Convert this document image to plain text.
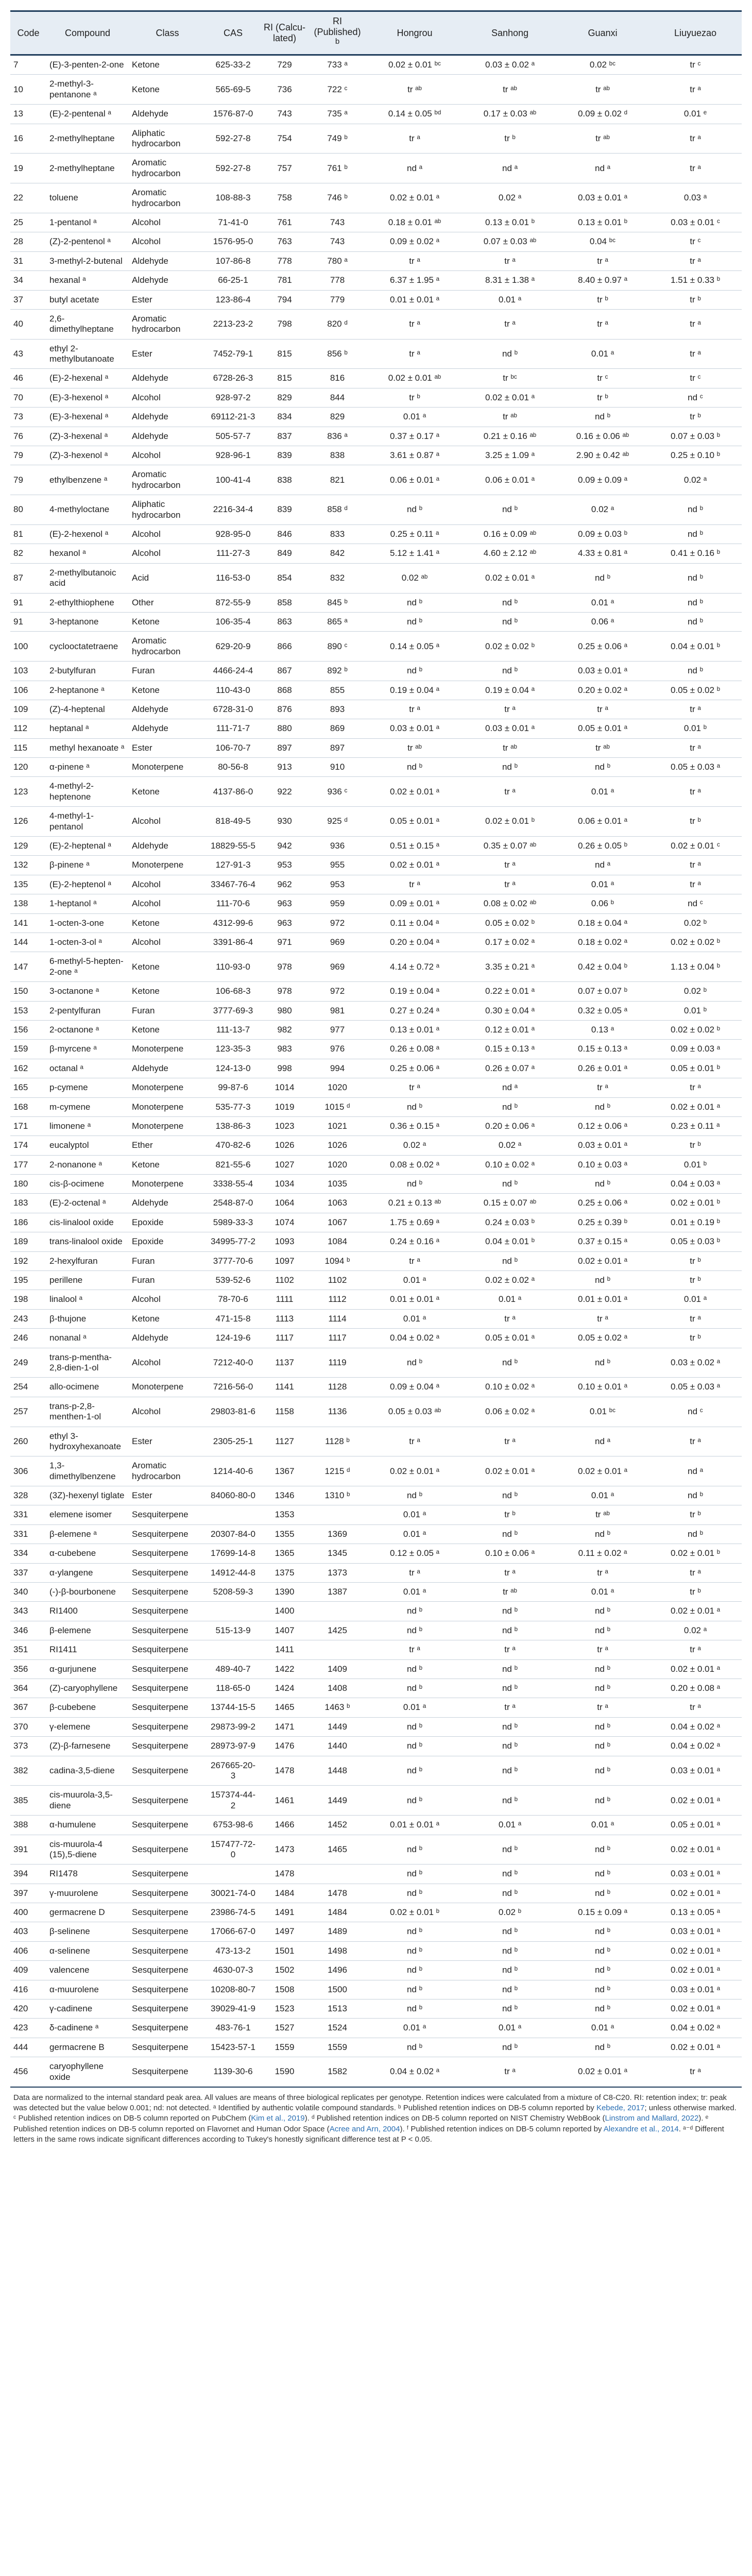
Code	Compound	Class	CAS	RI (Calcu-lated)	RI (Published) $^b$	Hongrou	Sanhong	Guanxi	Liuyuezao
7	(E)-3-penten-2-one	Ketone	625-33-2	729	733 ᵃ	0.02 ± 0.01 ᵇᶜ	0.03 ± 0.02 ᵃ	0.02 ᵇᶜ	tr ᶜ
10	2-methyl-3-pentanone ᵃ	Ketone	565-69-5	736	722 ᶜ	tr ᵃᵇ	tr ᵃᵇ	tr ᵃᵇ	tr ᵃ
13	(E)-2-pentenal ᵃ	Aldehyde	1576-87-0	743	735 ᵃ	0.14 ± 0.05 ᵇᵈ	0.17 ± 0.03 ᵃᵇ	0.09 ± 0.02 ᵈ	0.01 ᵉ
16	2-methylheptane	Aliphatic hydrocarbon	592-27-8	754	749 ᵇ	tr ᵃ	tr ᵇ	tr ᵃᵇ	tr ᵃ
19	2-methylheptane	Aromatic hydrocarbon	592-27-8	757	761 ᵇ	nd ᵃ	nd ᵃ	nd ᵃ	tr ᵃ
22	toluene	Aromatic hydrocarbon	108-88-3	758	746 ᵇ	0.02 ± 0.01 ᵃ	0.02 ᵃ	0.03 ± 0.01 ᵃ	0.03 ᵃ
25	1-pentanol ᵃ	Alcohol	71-41-0	761	743	0.18 ± 0.01 ᵃᵇ	0.13 ± 0.01 ᵇ	0.13 ± 0.01 ᵇ	0.03 ± 0.01 ᶜ
28	(Z)-2-pentenol ᵃ	Alcohol	1576-95-0	763	743	0.09 ± 0.02 ᵃ	0.07 ± 0.03 ᵃᵇ	0.04 ᵇᶜ	tr ᶜ
31	3-methyl-2-butenal	Aldehyde	107-86-8	778	780 ᵃ	tr ᵃ	tr ᵃ	tr ᵃ	tr ᵃ
34	hexanal ᵃ	Aldehyde	66-25-1	781	778	6.37 ± 1.95 ᵃ	8.31 ± 1.38 ᵃ	8.40 ± 0.97 ᵃ	1.51 ± 0.33 ᵇ
37	butyl acetate	Ester	123-86-4	794	779	0.01 ± 0.01 ᵃ	0.01 ᵃ	tr ᵇ	tr ᵇ
40	2,6-dimethylheptane	Aromatic hydrocarbon	2213-23-2	798	820 ᵈ	tr ᵃ	tr ᵃ	tr ᵃ	tr ᵃ
43	ethyl 2-methylbutanoate	Ester	7452-79-1	815	856 ᵇ	tr ᵃ	nd ᵇ	0.01 ᵃ	tr ᵃ
46	(E)-2-hexenal ᵃ	Aldehyde	6728-26-3	815	816	0.02 ± 0.01 ᵃᵇ	tr ᵇᶜ	tr ᶜ	tr ᶜ
70	(E)-3-hexenol ᵃ	Alcohol	928-97-2	829	844	tr ᵇ	0.02 ± 0.01 ᵃ	tr ᵇ	nd ᶜ
73	(E)-3-hexenal ᵃ	Aldehyde	69112-21-3	834	829	0.01 ᵃ	tr ᵃᵇ	nd ᵇ	tr ᵇ
76	(Z)-3-hexenal ᵃ	Aldehyde	505-57-7	837	836 ᵃ	0.37 ± 0.17 ᵃ	0.21 ± 0.16 ᵃᵇ	0.16 ± 0.06 ᵃᵇ	0.07 ± 0.03 ᵇ
79	(Z)-3-hexenol ᵃ	Alcohol	928-96-1	839	838	3.61 ± 0.87 ᵃ	3.25 ± 1.09 ᵃ	2.90 ± 0.42 ᵃᵇ	0.25 ± 0.10 ᵇ
79	ethylbenzene ᵃ	Aromatic hydrocarbon	100-41-4	838	821	0.06 ± 0.01 ᵃ	0.06 ± 0.01 ᵃ	0.09 ± 0.09 ᵃ	0.02 ᵃ
80	4-methyloctane	Aliphatic hydrocarbon	2216-34-4	839	858 ᵈ	nd ᵇ	nd ᵇ	0.02 ᵃ	nd ᵇ
81	(E)-2-hexenol ᵃ	Alcohol	928-95-0	846	833	0.25 ± 0.11 ᵃ	0.16 ± 0.09 ᵃᵇ	0.09 ± 0.03 ᵇ	nd ᵇ
82	hexanol ᵃ	Alcohol	111-27-3	849	842	5.12 ± 1.41 ᵃ	4.60 ± 2.12 ᵃᵇ	4.33 ± 0.81 ᵃ	0.41 ± 0.16 ᵇ
87	2-methylbutanoic acid	Acid	116-53-0	854	832	0.02 ᵃᵇ	0.02 ± 0.01 ᵃ	nd ᵇ	nd ᵇ
91	2-ethylthiophene	Other	872-55-9	858	845 ᵇ	nd ᵇ	nd ᵇ	0.01 ᵃ	nd ᵇ
91	3-heptanone	Ketone	106-35-4	863	865 ᵃ	nd ᵇ	nd ᵇ	0.06 ᵃ	nd ᵇ
100	cyclooctatetraene	Aromatic hydrocarbon	629-20-9	866	890 ᶜ	0.14 ± 0.05 ᵃ	0.02 ± 0.02 ᵇ	0.25 ± 0.06 ᵃ	0.04 ± 0.01 ᵇ
103	2-butylfuran	Furan	4466-24-4	867	892 ᵇ	nd ᵇ	nd ᵇ	0.03 ± 0.01 ᵃ	nd ᵇ
106	2-heptanone ᵃ	Ketone	110-43-0	868	855	0.19 ± 0.04 ᵃ	0.19 ± 0.04 ᵃ	0.20 ± 0.02 ᵃ	0.05 ± 0.02 ᵇ
109	(Z)-4-heptenal	Aldehyde	6728-31-0	876	893	tr ᵃ	tr ᵃ	tr ᵃ	tr ᵃ
112	heptanal ᵃ	Aldehyde	111-71-7	880	869	0.03 ± 0.01 ᵃ	0.03 ± 0.01 ᵃ	0.05 ± 0.01 ᵃ	0.01 ᵇ
115	methyl hexanoate ᵃ	Ester	106-70-7	897	897	tr ᵃᵇ	tr ᵃᵇ	tr ᵃᵇ	tr ᵃ
120	α-pinene ᵃ	Monoterpene	80-56-8	913	910	nd ᵇ	nd ᵇ	nd ᵇ	0.05 ± 0.03 ᵃ
123	4-methyl-2-heptenone	Ketone	4137-86-0	922	936 ᶜ	0.02 ± 0.01 ᵃ	tr ᵃ	0.01 ᵃ	tr ᵃ
126	4-methyl-1-pentanol	Alcohol	818-49-5	930	925 ᵈ	0.05 ± 0.01 ᵃ	0.02 ± 0.01 ᵇ	0.06 ± 0.01 ᵃ	tr ᵇ
129	(E)-2-heptenal ᵃ	Aldehyde	18829-55-5	942	936	0.51 ± 0.15 ᵃ	0.35 ± 0.07 ᵃᵇ	0.26 ± 0.05 ᵇ	0.02 ± 0.01 ᶜ
132	β-pinene ᵃ	Monoterpene	127-91-3	953	955	0.02 ± 0.01 ᵃ	tr ᵃ	nd ᵃ	tr ᵃ
135	(E)-2-heptenol ᵃ	Alcohol	33467-76-4	962	953	tr ᵃ	tr ᵃ	0.01 ᵃ	tr ᵃ
138	1-heptanol ᵃ	Alcohol	111-70-6	963	959	0.09 ± 0.01 ᵃ	0.08 ± 0.02 ᵃᵇ	0.06 ᵇ	nd ᶜ
141	1-octen-3-one	Ketone	4312-99-6	963	972	0.11 ± 0.04 ᵃ	0.05 ± 0.02 ᵇ	0.18 ± 0.04 ᵃ	0.02 ᵇ
144	1-octen-3-ol ᵃ	Alcohol	3391-86-4	971	969	0.20 ± 0.04 ᵃ	0.17 ± 0.02 ᵃ	0.18 ± 0.02 ᵃ	0.02 ± 0.02 ᵇ
147	6-methyl-5-hepten-2-one ᵃ	Ketone	110-93-0	978	969	4.14 ± 0.72 ᵃ	3.35 ± 0.21 ᵃ	0.42 ± 0.04 ᵇ	1.13 ± 0.04 ᵇ
150	3-octanone ᵃ	Ketone	106-68-3	978	972	0.19 ± 0.04 ᵃ	0.22 ± 0.01 ᵃ	0.07 ± 0.07 ᵇ	0.02 ᵇ
153	2-pentylfuran	Furan	3777-69-3	980	981	0.27 ± 0.24 ᵃ	0.30 ± 0.04 ᵃ	0.32 ± 0.05 ᵃ	0.01 ᵇ
156	2-octanone ᵃ	Ketone	111-13-7	982	977	0.13 ± 0.01 ᵃ	0.12 ± 0.01 ᵃ	0.13 ᵃ	0.02 ± 0.02 ᵇ
159	β-myrcene ᵃ	Monoterpene	123-35-3	983	976	0.26 ± 0.08 ᵃ	0.15 ± 0.13 ᵃ	0.15 ± 0.13 ᵃ	0.09 ± 0.03 ᵃ
162	octanal ᵃ	Aldehyde	124-13-0	998	994	0.25 ± 0.06 ᵃ	0.26 ± 0.07 ᵃ	0.26 ± 0.01 ᵃ	0.05 ± 0.01 ᵇ
165	p-cymene	Monoterpene	99-87-6	1014	1020	tr ᵃ	nd ᵃ	tr ᵃ	tr ᵃ
168	m-cymene	Monoterpene	535-77-3	1019	1015 ᵈ	nd ᵇ	nd ᵇ	nd ᵇ	0.02 ± 0.01 ᵃ
171	limonene ᵃ	Monoterpene	138-86-3	1023	1021	0.36 ± 0.15 ᵃ	0.20 ± 0.06 ᵃ	0.12 ± 0.06 ᵃ	0.23 ± 0.11 ᵃ
174	eucalyptol	Ether	470-82-6	1026	1026	0.02 ᵃ	0.02 ᵃ	0.03 ± 0.01 ᵃ	tr ᵇ
177	2-nonanone ᵃ	Ketone	821-55-6	1027	1020	0.08 ± 0.02 ᵃ	0.10 ± 0.02 ᵃ	0.10 ± 0.03 ᵃ	0.01 ᵇ
180	cis-β-ocimene	Monoterpene	3338-55-4	1034	1035	nd ᵇ	nd ᵇ	nd ᵇ	0.04 ± 0.03 ᵃ
183	(E)-2-octenal ᵃ	Aldehyde	2548-87-0	1064	1063	0.21 ± 0.13 ᵃᵇ	0.15 ± 0.07 ᵃᵇ	0.25 ± 0.06 ᵃ	0.02 ± 0.01 ᵇ
186	cis-linalool oxide	Epoxide	5989-33-3	1074	1067	1.75 ± 0.69 ᵃ	0.24 ± 0.03 ᵇ	0.25 ± 0.39 ᵇ	0.01 ± 0.19 ᵇ
189	trans-linalool oxide	Epoxide	34995-77-2	1093	1084	0.24 ± 0.16 ᵃ	0.04 ± 0.01 ᵇ	0.37 ± 0.15 ᵃ	0.05 ± 0.03 ᵇ
192	2-hexylfuran	Furan	3777-70-6	1097	1094 ᵇ	tr ᵃ	nd ᵇ	0.02 ± 0.01 ᵃ	tr ᵇ
195	perillene	Furan	539-52-6	1102	1102	0.01 ᵃ	0.02 ± 0.02 ᵃ	nd ᵇ	tr ᵇ
198	linalool ᵃ	Alcohol	78-70-6	1111	1112	0.01 ± 0.01 ᵃ	0.01 ᵃ	0.01 ± 0.01 ᵃ	0.01 ᵃ
243	β-thujone	Ketone	471-15-8	1113	1114	0.01 ᵃ	tr ᵃ	tr ᵃ	tr ᵃ
246	nonanal ᵃ	Aldehyde	124-19-6	1117	1117	0.04 ± 0.02 ᵃ	0.05 ± 0.01 ᵃ	0.05 ± 0.02 ᵃ	tr ᵇ
249	trans-p-mentha-2,8-dien-1-ol	Alcohol	7212-40-0	1137	1119	nd ᵇ	nd ᵇ	nd ᵇ	0.03 ± 0.02 ᵃ
254	allo-ocimene	Monoterpene	7216-56-0	1141	1128	0.09 ± 0.04 ᵃ	0.10 ± 0.02 ᵃ	0.10 ± 0.01 ᵃ	0.05 ± 0.03 ᵃ
257	trans-p-2,8-menthen-1-ol	Alcohol	29803-81-6	1158	1136	0.05 ± 0.03 ᵃᵇ	0.06 ± 0.02 ᵃ	0.01 ᵇᶜ	nd ᶜ
260	ethyl 3-hydroxyhexanoate	Ester	2305-25-1	1127	1128 ᵇ	tr ᵃ	tr ᵃ	nd ᵃ	tr ᵃ
306	1,3-dimethylbenzene	Aromatic hydrocarbon	1214-40-6	1367	1215 ᵈ	0.02 ± 0.01 ᵃ	0.02 ± 0.01 ᵃ	0.02 ± 0.01 ᵃ	nd ᵃ
328	(3Z)-hexenyl tiglate	Ester	84060-80-0	1346	1310 ᵇ	nd ᵇ	nd ᵇ	0.01 ᵃ	nd ᵇ
331	elemene isomer	Sesquiterpene		1353		0.01 ᵃ	tr ᵇ	tr ᵃᵇ	tr ᵇ
331	β-elemene ᵃ	Sesquiterpene	20307-84-0	1355	1369	0.01 ᵃ	nd ᵇ	nd ᵇ	nd ᵇ
334	α-cubebene	Sesquiterpene	17699-14-8	1365	1345	0.12 ± 0.05 ᵃ	0.10 ± 0.06 ᵃ	0.11 ± 0.02 ᵃ	0.02 ± 0.01 ᵇ
337	α-ylangene	Sesquiterpene	14912-44-8	1375	1373	tr ᵃ	tr ᵃ	tr ᵃ	tr ᵃ
340	(-)-β-bourbonene	Sesquiterpene	5208-59-3	1390	1387	0.01 ᵃ	tr ᵃᵇ	0.01 ᵃ	tr ᵇ
343	RI1400	Sesquiterpene		1400		nd ᵇ	nd ᵇ	nd ᵇ	0.02 ± 0.01 ᵃ
346	β-elemene	Sesquiterpene	515-13-9	1407	1425	nd ᵇ	nd ᵇ	nd ᵇ	0.02 ᵃ
351	RI1411	Sesquiterpene		1411		tr ᵃ	tr ᵃ	tr ᵃ	tr ᵃ
356	α-gurjunene	Sesquiterpene	489-40-7	1422	1409	nd ᵇ	nd ᵇ	nd ᵇ	0.02 ± 0.01 ᵃ
364	(Z)-caryophyllene	Sesquiterpene	118-65-0	1424	1408	nd ᵇ	nd ᵇ	nd ᵇ	0.20 ± 0.08 ᵃ
367	β-cubebene	Sesquiterpene	13744-15-5	1465	1463 ᵇ	0.01 ᵃ	tr ᵃ	tr ᵃ	tr ᵃ
370	γ-elemene	Sesquiterpene	29873-99-2	1471	1449	nd ᵇ	nd ᵇ	nd ᵇ	0.04 ± 0.02 ᵃ
373	(Z)-β-farnesene	Sesquiterpene	28973-97-9	1476	1440	nd ᵇ	nd ᵇ	nd ᵇ	0.04 ± 0.02 ᵃ
382	cadina-3,5-diene	Sesquiterpene	267665-20-3	1478	1448	nd ᵇ	nd ᵇ	nd ᵇ	0.03 ± 0.01 ᵃ
385	cis-muurola-3,5-diene	Sesquiterpene	157374-44-2	1461	1449	nd ᵇ	nd ᵇ	nd ᵇ	0.02 ± 0.01 ᵃ
388	α-humulene	Sesquiterpene	6753-98-6	1466	1452	0.01 ± 0.01 ᵃ	0.01 ᵃ	0.01 ᵃ	0.05 ± 0.01 ᵃ
391	cis-muurola-4 (15),5-diene	Sesquiterpene	157477-72-0	1473	1465	nd ᵇ	nd ᵇ	nd ᵇ	0.02 ± 0.01 ᵃ
394	RI1478	Sesquiterpene		1478		nd ᵇ	nd ᵇ	nd ᵇ	0.03 ± 0.01 ᵃ
397	γ-muurolene	Sesquiterpene	30021-74-0	1484	1478	nd ᵇ	nd ᵇ	nd ᵇ	0.02 ± 0.01 ᵃ
400	germacrene D	Sesquiterpene	23986-74-5	1491	1484	0.02 ± 0.01 ᵇ	0.02 ᵇ	0.15 ± 0.09 ᵃ	0.13 ± 0.05 ᵃ
403	β-selinene	Sesquiterpene	17066-67-0	1497	1489	nd ᵇ	nd ᵇ	nd ᵇ	0.03 ± 0.01 ᵃ
406	α-selinene	Sesquiterpene	473-13-2	1501	1498	nd ᵇ	nd ᵇ	nd ᵇ	0.02 ± 0.01 ᵃ
409	valencene	Sesquiterpene	4630-07-3	1502	1496	nd ᵇ	nd ᵇ	nd ᵇ	0.02 ± 0.01 ᵃ
416	α-muurolene	Sesquiterpene	10208-80-7	1508	1500	nd ᵇ	nd ᵇ	nd ᵇ	0.03 ± 0.01 ᵃ
420	γ-cadinene	Sesquiterpene	39029-41-9	1523	1513	nd ᵇ	nd ᵇ	nd ᵇ	0.02 ± 0.01 ᵃ
423	δ-cadinene ᵃ	Sesquiterpene	483-76-1	1527	1524	0.01 ᵃ	0.01 ᵃ	0.01 ᵃ	0.04 ± 0.02 ᵃ
444	germacrene B	Sesquiterpene	15423-57-1	1559	1559	nd ᵇ	nd ᵇ	nd ᵇ	0.02 ± 0.01 ᵃ
456	caryophyllene oxide	Sesquiterpene	1139-30-6	1590	1582	0.04 ± 0.02 ᵃ	tr ᵃ	0.02 ± 0.01 ᵃ	tr ᵃ
Data are normalized to the internal standard peak area. All values are means of three biological replicates per genotype. Retention indices were calculated from a mixture of C8-C20. RI: retention index; tr: peak was detected but the value below 0.001; nd: not detected. ᵃ Identified by authentic volatile compound standards. ᵇ Published retention indices on DB-5 column reported by Kebede, 2017; unless otherwise marked. ᶜ Published retention indices on DB-5 column reported on PubChem (Kim et al., 2019). ᵈ Published retention indices on DB-5 column reported on NIST Chemistry WebBook (Linstrom and Mallard, 2022). ᵉ Published retention indices on DB-5 column reported on Flavornet and Human Odor Space (Acree and Arn, 2004). ᶠ Published retention indices on DB-5 column reported by Alexandre et al., 2014. ᵃ⁻ᵈ Different letters in the same rows indicate significant differences according to Tukey's honestly significant difference test at P < 0.05.
